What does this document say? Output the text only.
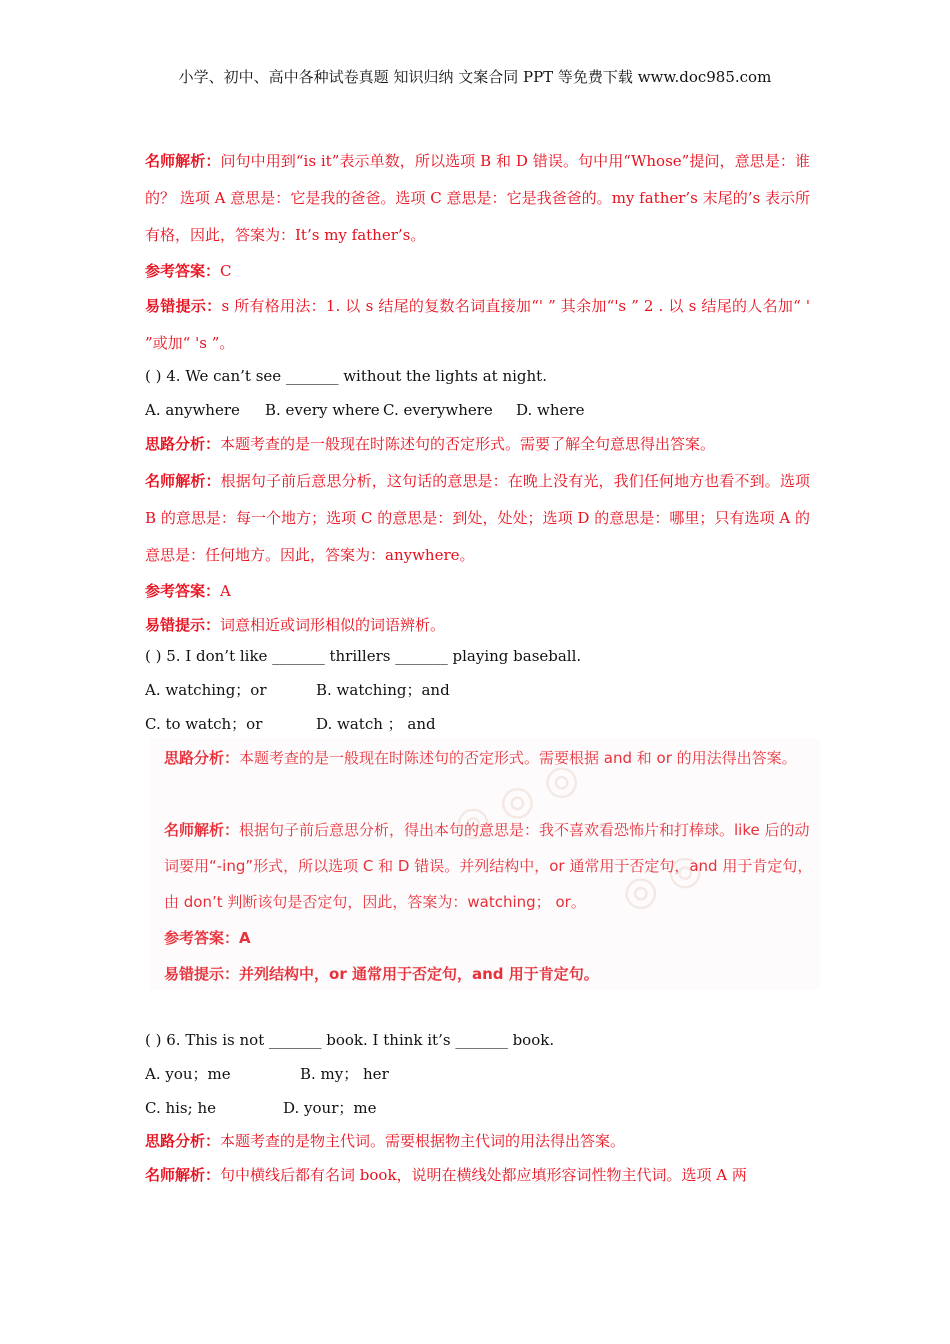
小学、初中、高中各种试卷真题 知识归纳 文案合同 PPT 等免费下载 www.doc985.com
名师解析：问句中用到“is it”表示单数，所以选项 B 和 D 错误。句中用“Whose”提问，意思是：谁的？ 选项 A 意思是：它是我的爸爸。选项 C 意思是：它是我爸爸的。my father’s 末尾的’s 表示所有格，因此，答案为：It’s my father’s。
参考答案：C
易错提示：s 所有格用法：1. 以 s 结尾的复数名词直接加“' ” 其余加“'s ” 2 . 以 s 结尾的人名加“ ' ”或加“ 's ”。
( ) 4. We can’t see _______ without the lights at night.
A. anywhere B. every where C. everywhere D. where
思路分析：本题考查的是一般现在时陈述句的否定形式。需要了解全句意思得出答案。
名师解析：根据句子前后意思分析，这句话的意思是：在晚上没有光，我们任何地方也看不到。选项 B 的意思是：每一个地方；选项 C 的意思是：到处，处处；选项 D 的意思是：哪里；只有选项 A 的意思是：任何地方。因此，答案为：anywhere。
参考答案：A
易错提示：词意相近或词形相似的词语辨析。
( ) 5. I don’t like _______ thrillers _______ playing baseball.
A. watching；or	B. watching；and
C. to watch；or	D. watch ； and
◎ ◎ ◎
◎ ◎
思路分析：本题考查的是一般现在时陈述句的否定形式。需要根据 and 和 or 的用法得出答案。
名师解析：根据句子前后意思分析，得出本句的意思是：我不喜欢看恐怖片和打棒球。like 后的动词要用“-ing”形式，所以选项 C 和 D 错误。并列结构中，or 通常用于否定句，and 用于肯定句，由 don’t 判断该句是否定句，因此，答案为：watching； or。
参考答案：A
易错提示：并列结构中，or 通常用于否定句，and 用于肯定句。
( ) 6. This is not _______ book. I think it’s _______ book.
A. you；me	B. my； her
C. his; he	D. your；me
思路分析：本题考查的是物主代词。需要根据物主代词的用法得出答案。
名师解析：句中横线后都有名词 book，说明在横线处都应填形容词性物主代词。选项 A 两
